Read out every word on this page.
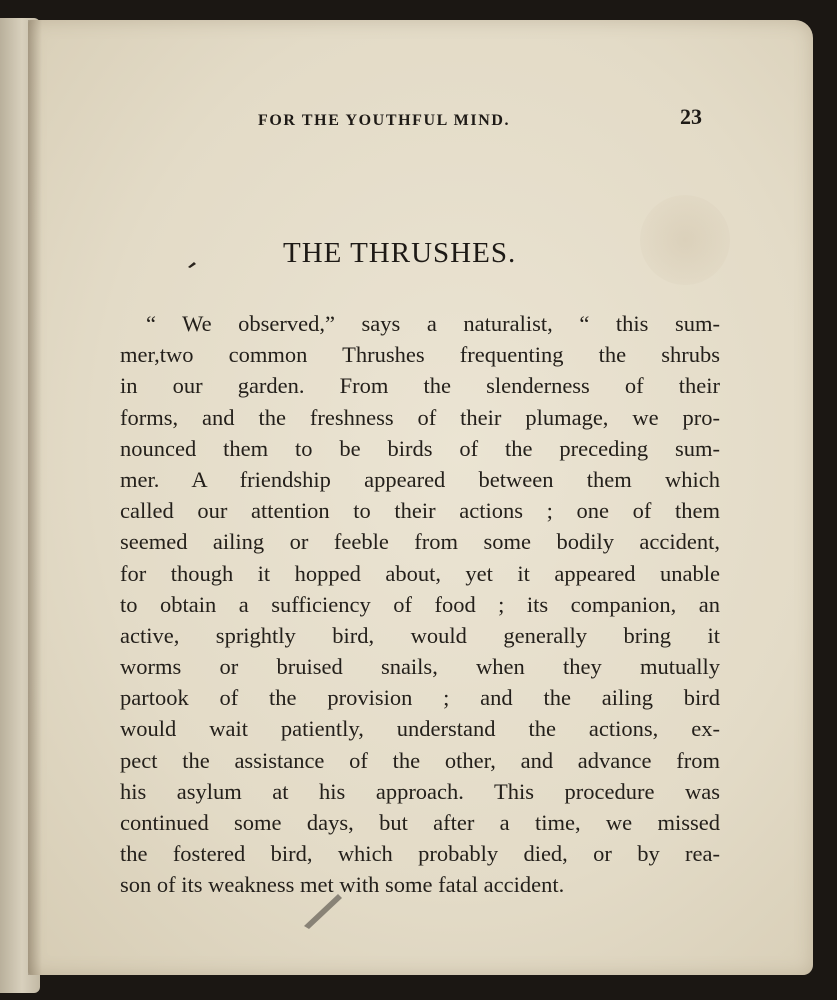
FOR THE YOUTHFUL MIND.	23
THE THRUSHES.
“ We observed,” says a naturalist, “ this sum-
mer,two common Thrushes frequenting the shrubs
in our garden. From the slenderness of their
forms, and the freshness of their plumage, we pro-
nounced them to be birds of the preceding sum-
mer. A friendship appeared between them which
called our attention to their actions ; one of them
seemed ailing or feeble from some bodily accident,
for though it hopped about, yet it appeared unable
to obtain a sufficiency of food ; its companion, an
active, sprightly bird, would generally bring it
worms or bruised snails, when they mutually
partook of the provision ; and the ailing bird
would wait patiently, understand the actions, ex-
pect the assistance of the other, and advance from
his asylum at his approach. This procedure was
continued some days, but after a time, we missed
the fostered bird, which probably died, or by rea-
son of its weakness met with some fatal accident.
